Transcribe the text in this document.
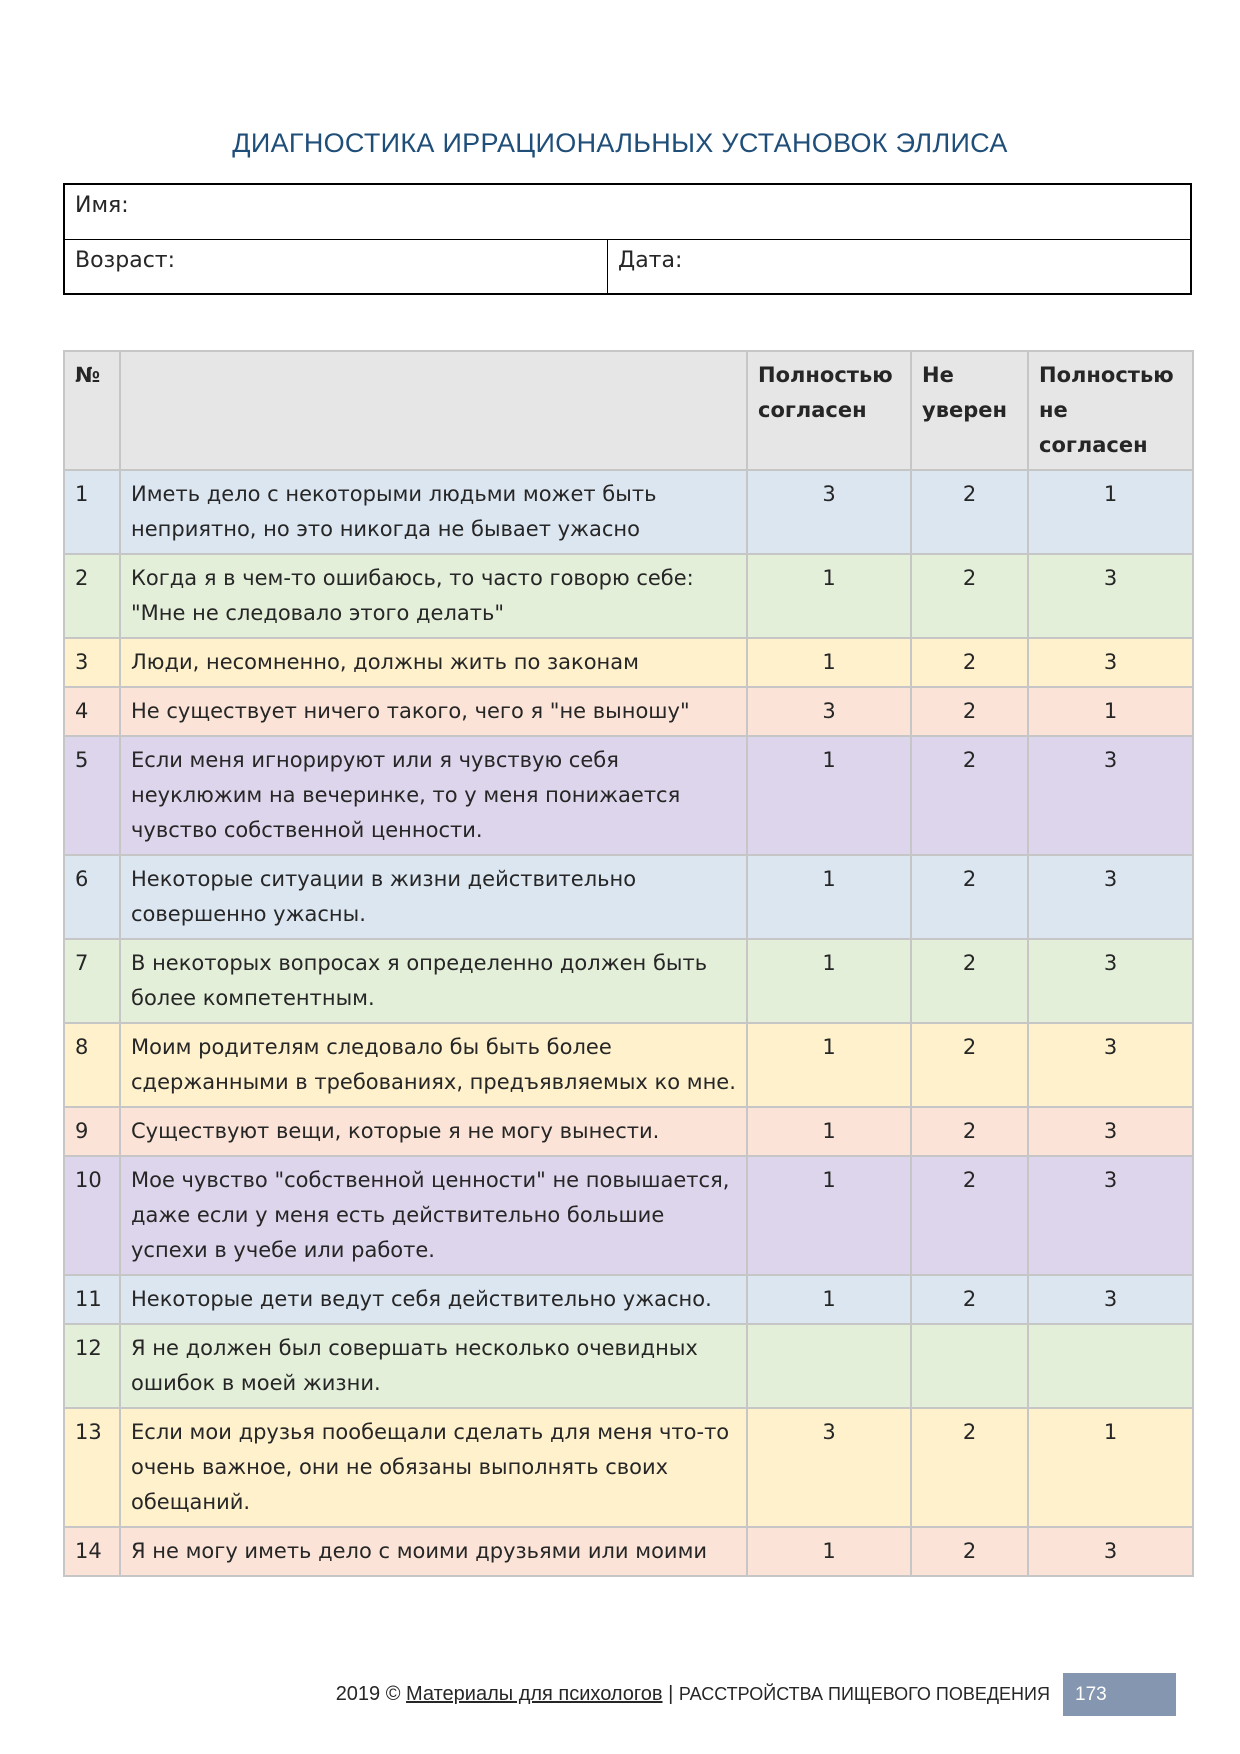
ДИАГНОСТИКА ИРРАЦИОНАЛЬНЫХ УСТАНОВОК ЭЛЛИСА
Имя:
Возраст:	Дата:
№		Полностью согласен	Не уверен	Полностью не согласен
1	Иметь дело с некоторыми людьми может быть неприятно, но это никогда не бывает ужасно	3	2	1
2	Когда я в чем-то ошибаюсь, то часто говорю себе: "Мне не следовало этого делать"	1	2	3
3	Люди, несомненно, должны жить по законам	1	2	3
4	Не существует ничего такого, чего я "не выношу"	3	2	1
5	Если меня игнорируют или я чувствую себя неуклюжим на вечеринке, то у меня понижается чувство собственной ценности.	1	2	3
6	Некоторые ситуации в жизни действительно совершенно ужасны.	1	2	3
7	В некоторых вопросах я определенно должен быть более компетентным.	1	2	3
8	Моим родителям следовало бы быть более сдержанными в требованиях, предъявляемых ко мне.	1	2	3
9	Существуют вещи, которые я не могу вынести.	1	2	3
10	Мое чувство "собственной ценности" не повышается, даже если у меня есть действительно большие успехи в учебе или работе.	1	2	3
11	Некоторые дети ведут себя действительно ужасно.	1	2	3
12	Я не должен был совершать несколько очевидных ошибок в моей жизни.			
13	Если мои друзья пообещали сделать для меня что-то очень важное, они не обязаны выполнять своих обещаний.	3	2	1
14	Я не могу иметь дело с моими друзьями или моими	1	2	3
2019 © Материалы для психологов | РАССТРОЙСТВА ПИЩЕВОГО ПОВЕДЕНИЯ	173
